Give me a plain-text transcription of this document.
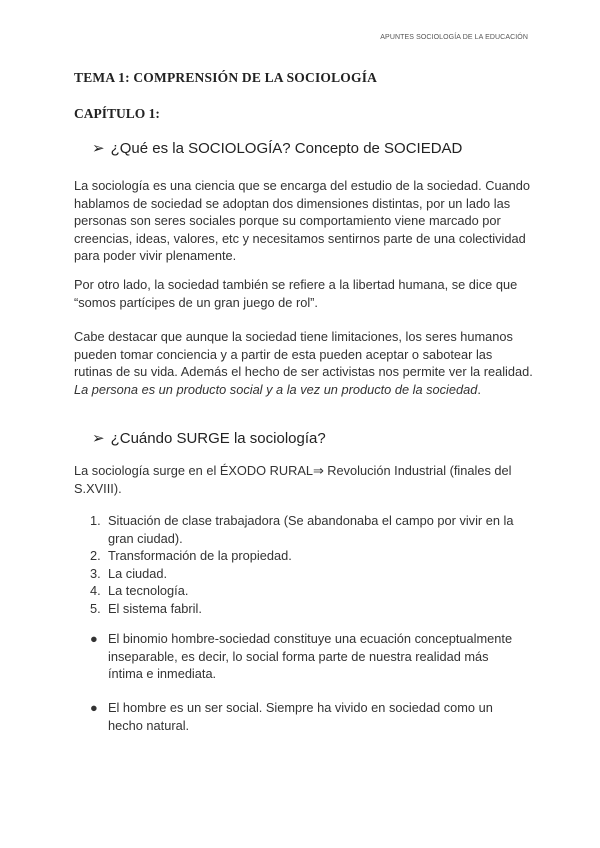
APUNTES SOCIOLOGÍA DE LA EDUCACIÓN
TEMA 1: COMPRENSIÓN DE LA SOCIOLOGÍA
CAPÍTULO 1:
➢ ¿Qué es la SOCIOLOGÍA? Concepto de SOCIEDAD
La sociología es una ciencia que se encarga del estudio de la sociedad. Cuando hablamos de sociedad se adoptan dos dimensiones distintas, por un lado las personas son seres sociales porque su comportamiento viene marcado por creencias, ideas, valores, etc y necesitamos sentirnos parte de una colectividad para poder vivir plenamente.
Por otro lado, la sociedad también se refiere a la libertad humana, se dice que “somos partícipes de un gran juego de rol”.
Cabe destacar que aunque la sociedad tiene limitaciones, los seres humanos pueden tomar conciencia y a partir de esta pueden aceptar o sabotear las rutinas de su vida. Además el hecho de ser activistas nos permite ver la realidad. La persona es un producto social y a la vez un producto de la sociedad.
➢ ¿Cuándo SURGE la sociología?
La sociología surge en el ÉXODO RURAL⇒ Revolución Industrial (finales del S.XVIII).
1. Situación de clase trabajadora (Se abandonaba el campo por vivir en la gran ciudad).
2. Transformación de la propiedad.
3. La ciudad.
4. La tecnología.
5. El sistema fabril.
● El binomio hombre-sociedad constituye una ecuación conceptualmente inseparable, es decir, lo social forma parte de nuestra realidad más íntima e inmediata.
● El hombre es un ser social. Siempre ha vivido en sociedad como un hecho natural.
